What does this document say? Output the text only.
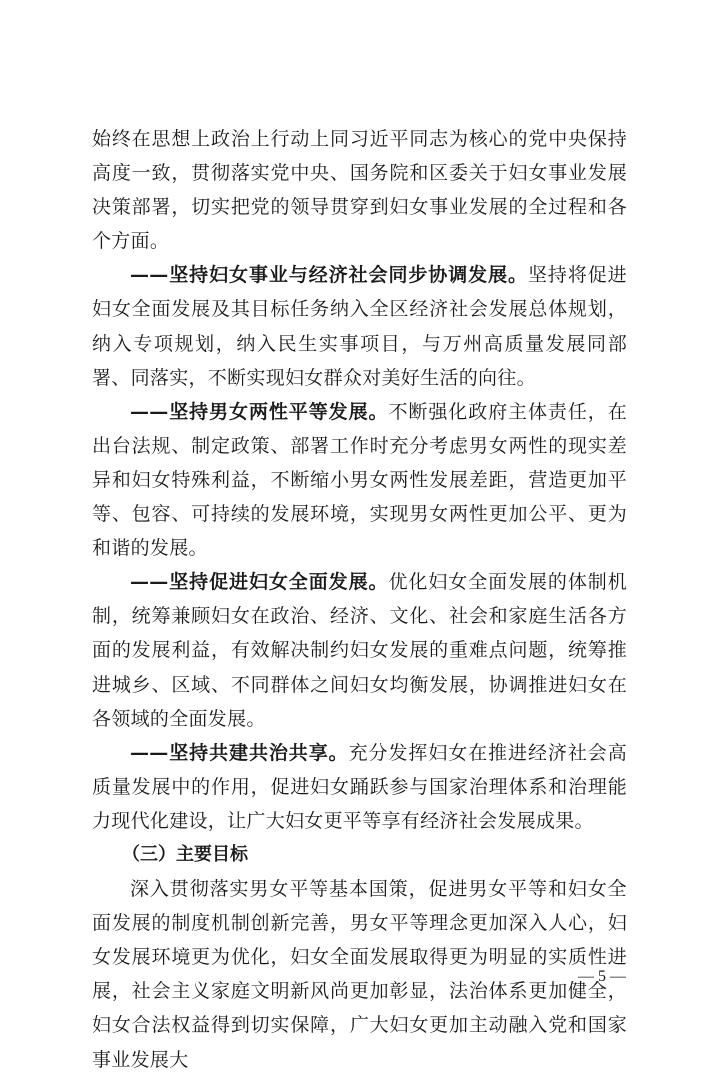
始终在思想上政治上行动上同习近平同志为核心的党中央保持高度一致，贯彻落实党中央、国务院和区委关于妇女事业发展决策部署，切实把党的领导贯穿到妇女事业发展的全过程和各个方面。

——坚持妇女事业与经济社会同步协调发展。坚持将促进妇女全面发展及其目标任务纳入全区经济社会发展总体规划，纳入专项规划，纳入民生实事项目，与万州高质量发展同部署、同落实，不断实现妇女群众对美好生活的向往。

——坚持男女两性平等发展。不断强化政府主体责任，在出台法规、制定政策、部署工作时充分考虑男女两性的现实差异和妇女特殊利益，不断缩小男女两性发展差距，营造更加平等、包容、可持续的发展环境，实现男女两性更加公平、更为和谐的发展。

——坚持促进妇女全面发展。优化妇女全面发展的体制机制，统筹兼顾妇女在政治、经济、文化、社会和家庭生活各方面的发展利益，有效解决制约妇女发展的重难点问题，统筹推进城乡、区域、不同群体之间妇女均衡发展，协调推进妇女在各领域的全面发展。

——坚持共建共治共享。充分发挥妇女在推进经济社会高质量发展中的作用，促进妇女踊跃参与国家治理体系和治理能力现代化建设，让广大妇女更平等享有经济社会发展成果。

（三）主要目标

深入贯彻落实男女平等基本国策，促进男女平等和妇女全面发展的制度机制创新完善，男女平等理念更加深入人心，妇女发展环境更为优化，妇女全面发展取得更为明显的实质性进展，社会主义家庭文明新风尚更加彰显，法治体系更加健全，妇女合法权益得到切实保障，广大妇女更加主动融入党和国家事业发展大

— 5 —
